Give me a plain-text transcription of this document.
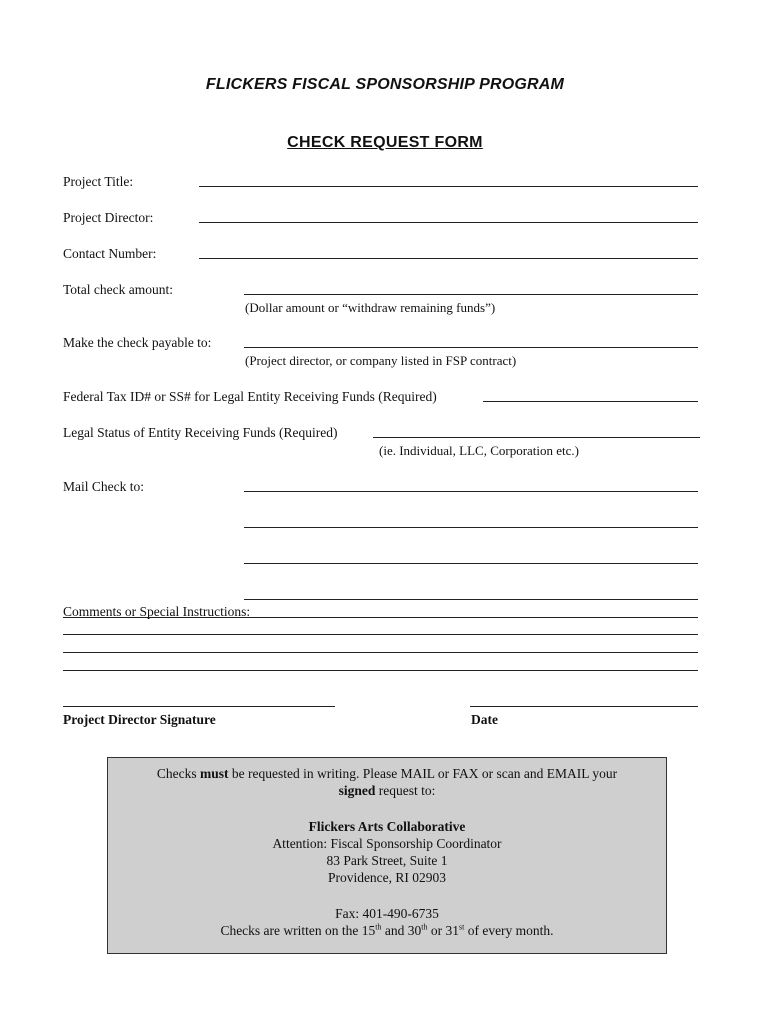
FLICKERS FISCAL SPONSORSHIP PROGRAM
CHECK REQUEST FORM
Project Title:
Project Director:
Contact Number:
Total check amount:
(Dollar amount or “withdraw remaining funds”)
Make the check payable to:
(Project director, or company listed in FSP contract)
Federal Tax ID# or SS# for Legal Entity Receiving Funds (Required)
Legal Status of Entity Receiving Funds (Required)
(ie. Individual, LLC, Corporation etc.)
Mail Check to:
Comments or Special Instructions:
Project Director Signature	Date

Checks must be requested in writing. Please MAIL or FAX or scan and EMAIL your

signed request to:

Flickers Arts Collaborative

Attention: Fiscal Sponsorship Coordinator

83 Park Street, Suite 1

Providence, RI 02903

Fax: 401-490-6735

Checks are written on the 15th and 30th or 31st of every month.
